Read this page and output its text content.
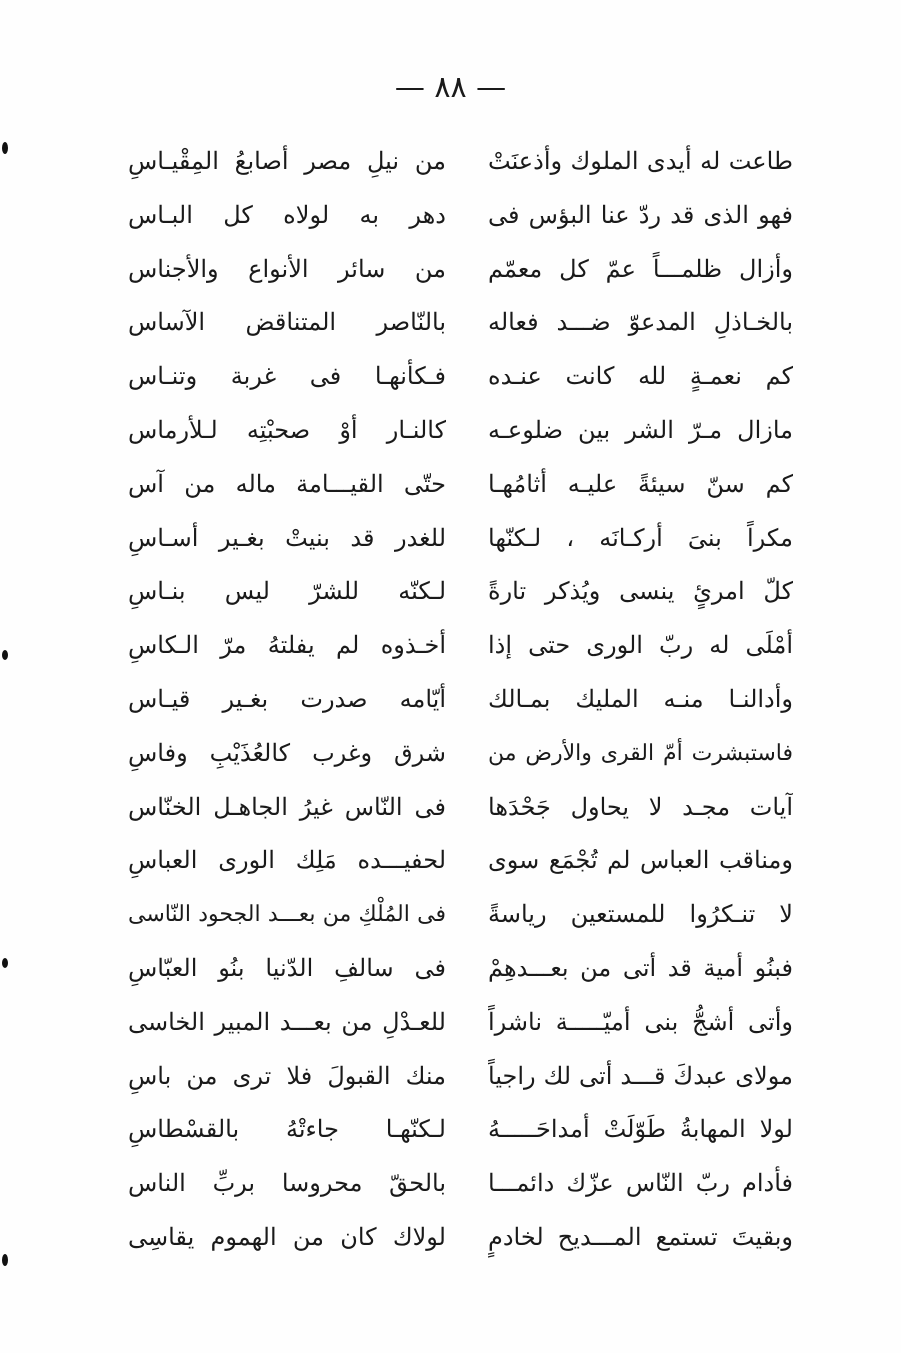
— ٨٨ —
طاعت له أيدى الملوك وأذعنَتْ
من نيلِ مصر أصابعُ المِقْيـاسِ
فهو الذى قد ردّ عنا البؤس فى
دهر به لولاه كل البـاس
وأزال ظلمـــاً عمّ كل معمّم
من سائر الأنواع والأجناس
بالخـاذلِ المدعوّ ضـــد فعاله
بالنّاصر المتناقض الآساس
كم نعمـةٍ لله كانت عنـده
فـكأنهـا فى غربة وتنـاس
مازال مـرّ الشر بين ضلوعـه
كالنـار أوْ صحبْتِه لـلأرماس
كم سنّ سيئةً عليـه أثامُهـا
حتّى القيـــامة ماله من آس
مكراً بنىَ أركـانَه ، لـكنّها
للغدر قد بنيتْ بغـير أسـاسِ
كلّ امرئٍ ينسى ويُذكر تارةً
لـكنّه للشرّ ليس بنـاسِ
أمْلَى له ربّ الورى حتى إذا
أخـذوه لم يفلتهُ مرّ الـكاسِ
وأدالنـا منـه المليك بمـالك
أيّامه صدرت بغـير قيـاس
فاستبشرت أمّ القرى والأرض من
شرق وغرب كالعُذَيْبِ وفاسِ
آيات مجـد لا يحاول جَحْدَها
فى النّاس غيرُ الجاهـل الخنّاس
ومناقب العباس لم تُجْمَع سوى
لحفيـــده مَلِك الورى العباسِ
لا تنـكرُوا للمستعين رياسةً
فى المُلْكِ من بعـــد الجحود النّاسى
فبنُو أمية قد أتى من بعـــدهِمْ
فى سالفِ الدّنيا بنُو العبّاسِ
وأتى أشجُّ بنى أميّـــــة ناشراً
للعـدْلِ من بعـــد المبير الخاسى
مولاى عبدكَ قـــد أتى لك راجياً
منك القبولَ فلا ترى من باسِ
لولا المهابةُ طَوّلَتْ أمداحَـــــهُ
لـكنّهـا جاءتْهُ بالقسْطاسِ
فأدام ربّ النّاس عزّك دائمـــا
بالحقّ محروسا بربِّ الناس
وبقيتَ تستمع المـــديح لخادمٍ
لولاك كان من الهموم يقاسِى
